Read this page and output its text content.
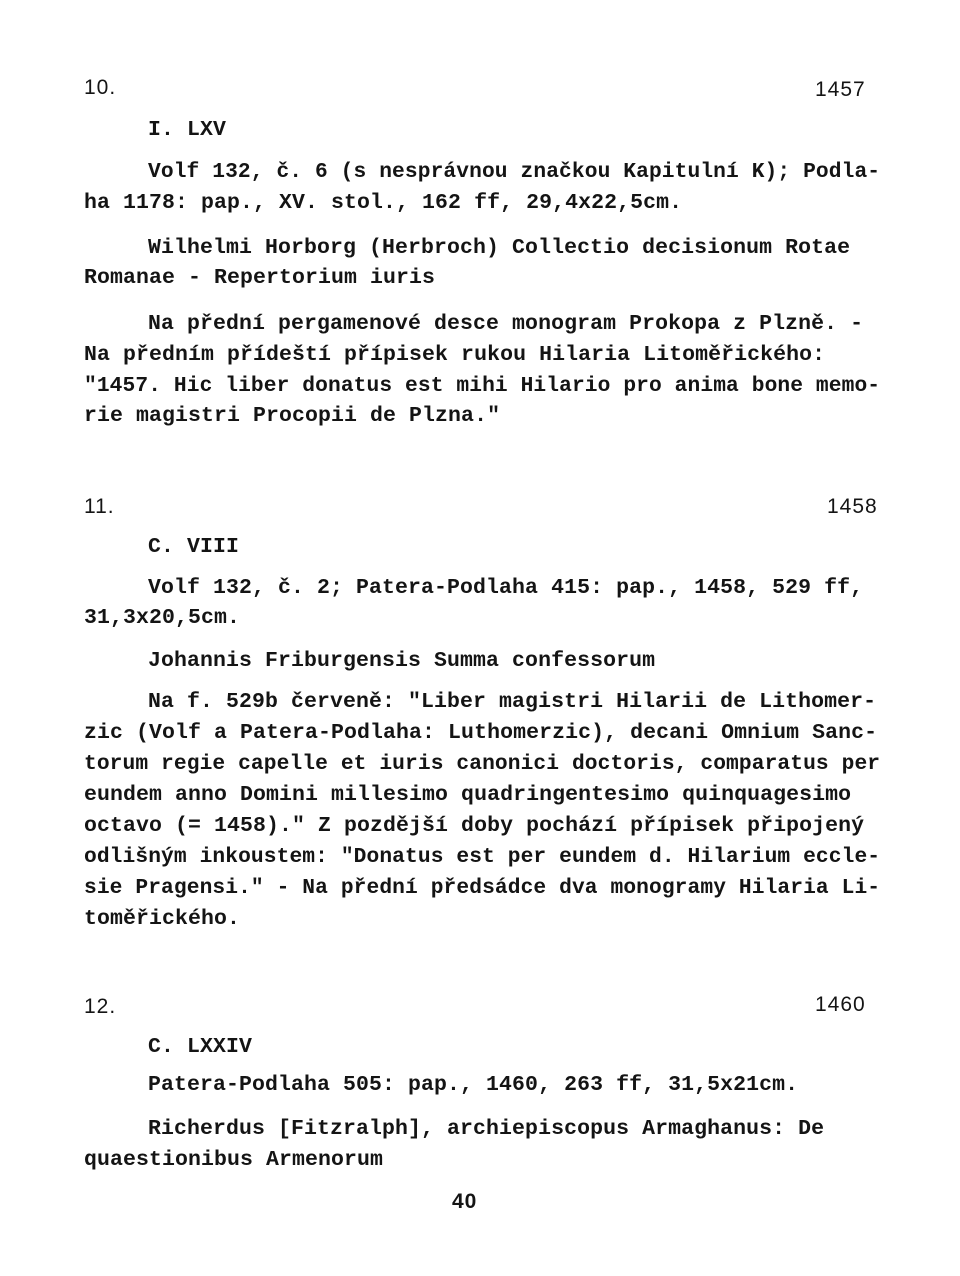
10.	1457
I. LXV
Volf 132, č. 6 (s nesprávnou značkou Kapitulní K); Podla-
ha 1178: pap., XV. stol., 162 ff, 29,4x22,5cm.
Wilhelmi Horborg (Herbroch) Collectio decisionum Rotae
Romanae - Repertorium iuris
Na přední pergamenové desce monogram Prokopa z Plzně. -
Na předním přídeští přípisek rukou Hilaria Litoměřického:
"1457. Hic liber donatus est mihi Hilario pro anima bone memo-
rie magistri Procopii de Plzna."
11.	1458
C. VIII
Volf 132, č. 2; Patera-Podlaha 415: pap., 1458, 529 ff,
31,3x20,5cm.
Johannis Friburgensis Summa confessorum
Na f. 529b červeně: "Liber magistri Hilarii de Lithomer-
zic (Volf a Patera-Podlaha: Luthomerzic), decani Omnium Sanc-
torum regie capelle et iuris canonici doctoris, comparatus per
eundem anno Domini millesimo quadringentesimo quinquagesimo
octavo (= 1458)." Z pozdější doby pochází přípisek připojený
odlišným inkoustem: "Donatus est per eundem d. Hilarium eccle-
sie Pragensi." - Na přední předsádce dva monogramy Hilaria Li-
toměřického.
12.	1460
C. LXXIV
Patera-Podlaha 505: pap., 1460, 263 ff, 31,5x21cm.
Richerdus [Fitzralph], archiepiscopus Armaghanus: De
quaestionibus Armenorum
40
